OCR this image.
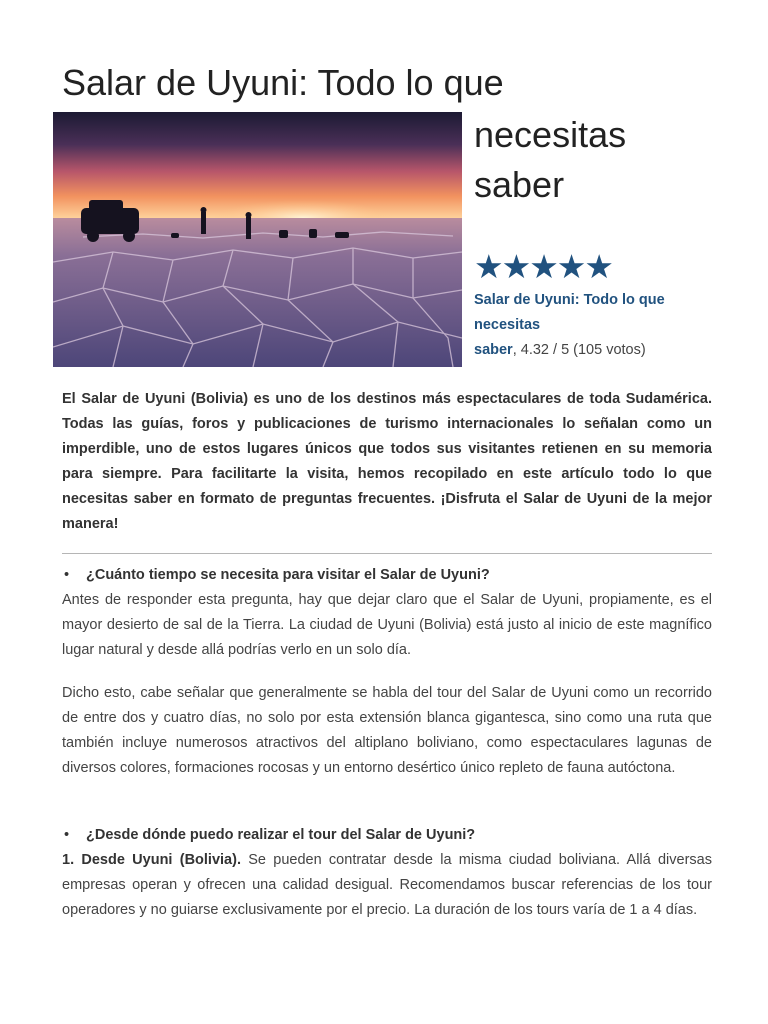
Salar de Uyuni: Todo lo que
necesitas
saber
★★★★★
Salar de Uyuni: Todo lo que
necesitas
saber, 4.32 / 5 (105 votos)

El Salar de Uyuni (Bolivia) es uno de los destinos más espectaculares de toda Sudamérica. Todas las guías, foros y publicaciones de turismo internacionales lo señalan como un imperdible, uno de estos lugares únicos que todos sus visitantes retienen en su memoria para siempre. Para facilitarte la visita, hemos recopilado en este artículo todo lo que necesitas saber en formato de preguntas frecuentes. ¡Disfruta el Salar de Uyuni de la mejor manera!

• ¿Cuánto tiempo se necesita para visitar el Salar de Uyuni?

Antes de responder esta pregunta, hay que dejar claro que el Salar de Uyuni, propiamente, es el mayor desierto de sal de la Tierra. La ciudad de Uyuni (Bolivia) está justo al inicio de este magnífico lugar natural y desde allá podrías verlo en un solo día.

Dicho esto, cabe señalar que generalmente se habla del tour del Salar de Uyuni como un recorrido de entre dos y cuatro días, no solo por esta extensión blanca gigantesca, sino como una ruta que también incluye numerosos atractivos del altiplano boliviano, como espectaculares lagunas de diversos colores, formaciones rocosas y un entorno desértico único repleto de fauna autóctona.

• ¿Desde dónde puedo realizar el tour del Salar de Uyuni?

1. Desde Uyuni (Bolivia). Se pueden contratar desde la misma ciudad boliviana. Allá diversas empresas operan y ofrecen una calidad desigual. Recomendamos buscar referencias de los tour operadores y no guiarse exclusivamente por el precio. La duración de los tours varía de 1 a 4 días.
